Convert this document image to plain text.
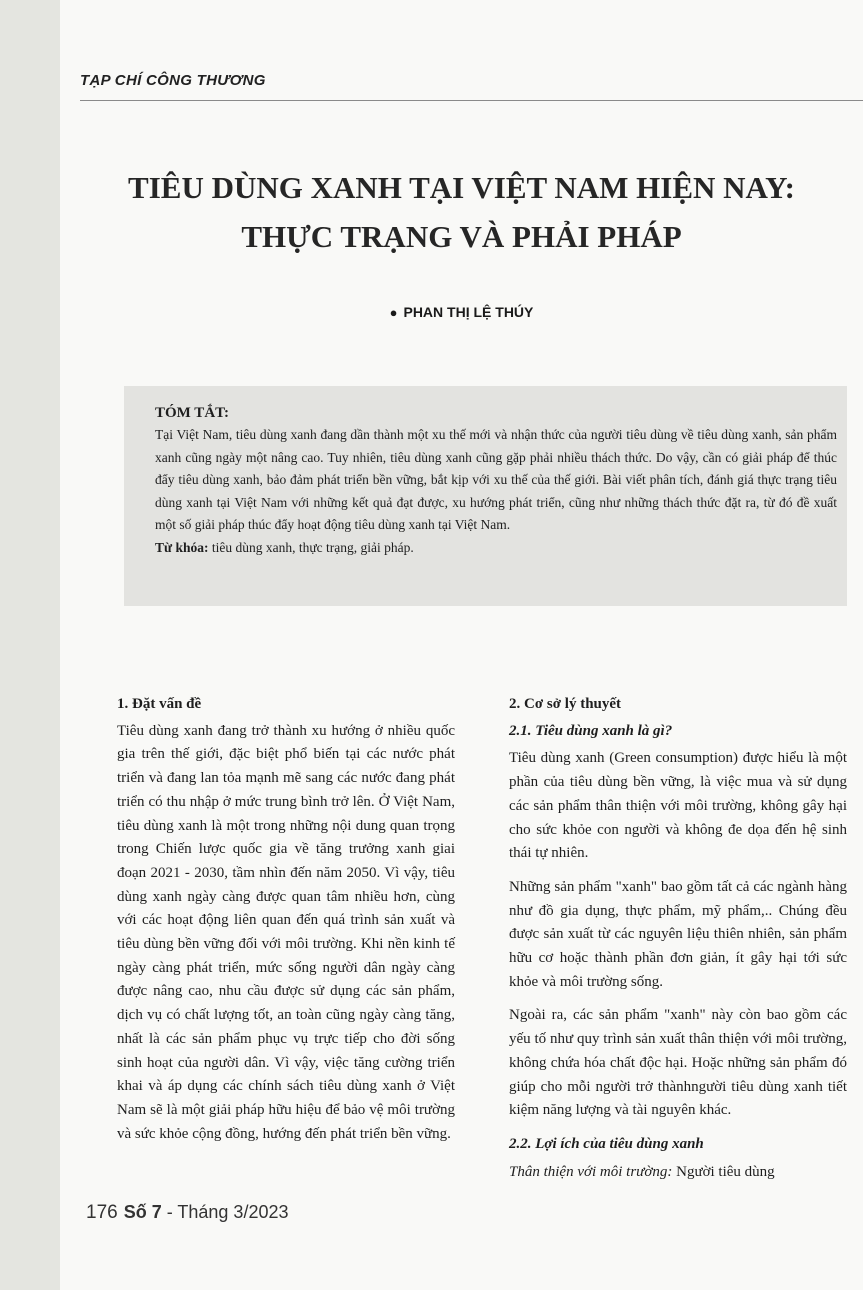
TẠP CHÍ CÔNG THƯƠNG
TIÊU DÙNG XANH TẠI VIỆT NAM HIỆN NAY:
THỰC TRẠNG VÀ PHẢI PHÁP
● PHAN THỊ LỆ THÚY
TÓM TẮT:

Tại Việt Nam, tiêu dùng xanh đang dần thành một xu thế mới và nhận thức của người tiêu dùng về tiêu dùng xanh, sản phẩm xanh cũng ngày một nâng cao. Tuy nhiên, tiêu dùng xanh cũng gặp phải nhiều thách thức. Do vậy, cần có giải pháp để thúc đẩy tiêu dùng xanh, bảo đảm phát triển bền vững, bắt kịp với xu thế của thế giới. Bài viết phân tích, đánh giá thực trạng tiêu dùng xanh tại Việt Nam với những kết quả đạt được, xu hướng phát triển, cũng như những thách thức đặt ra, từ đó đề xuất một số giải pháp thúc đẩy hoạt động tiêu dùng xanh tại Việt Nam.

Từ khóa: tiêu dùng xanh, thực trạng, giải pháp.
1. Đặt vấn đề

Tiêu dùng xanh đang trở thành xu hướng ở nhiều quốc gia trên thế giới, đặc biệt phổ biến tại các nước phát triển và đang lan tỏa mạnh mẽ sang các nước đang phát triển có thu nhập ở mức trung bình trở lên. Ở Việt Nam, tiêu dùng xanh là một trong những nội dung quan trọng trong Chiến lược quốc gia về tăng trưởng xanh giai đoạn 2021 - 2030, tầm nhìn đến năm 2050. Vì vậy, tiêu dùng xanh ngày càng được quan tâm nhiều hơn, cùng với các hoạt động liên quan đến quá trình sản xuất và tiêu dùng bền vững đối với môi trường. Khi nền kinh tế ngày càng phát triển, mức sống người dân ngày càng được nâng cao, nhu cầu được sử dụng các sản phẩm, dịch vụ có chất lượng tốt, an toàn cũng ngày càng tăng, nhất là các sản phẩm phục vụ trực tiếp cho đời sống sinh hoạt của người dân. Vì vậy, việc tăng cường triển khai và áp dụng các chính sách tiêu dùng xanh ở Việt Nam sẽ là một giải pháp hữu hiệu để bảo vệ môi trường và sức khỏe cộng đồng, hướng đến phát triển bền vững.

2. Cơ sở lý thuyết
2.1. Tiêu dùng xanh là gì?

Tiêu dùng xanh (Green consumption) được hiểu là một phần của tiêu dùng bền vững, là việc mua và sử dụng các sản phẩm thân thiện với môi trường, không gây hại cho sức khỏe con người và không đe dọa đến hệ sinh thái tự nhiên.

Những sản phẩm "xanh" bao gồm tất cả các ngành hàng như đồ gia dụng, thực phẩm, mỹ phẩm,.. Chúng đều được sản xuất từ các nguyên liệu thiên nhiên, sản phẩm hữu cơ hoặc thành phần đơn giản, ít gây hại tới sức khỏe và môi trường sống.

Ngoài ra, các sản phẩm "xanh" này còn bao gồm các yếu tố như quy trình sản xuất thân thiện với môi trường, không chứa hóa chất độc hại. Hoặc những sản phẩm đó giúp cho mỗi người trở thànhngười tiêu dùng xanh tiết kiệm năng lượng và tài nguyên khác.

2.2. Lợi ích của tiêu dùng xanh

Thân thiện với môi trường: Người tiêu dùng

176 Số 7 - Tháng 3/2023
